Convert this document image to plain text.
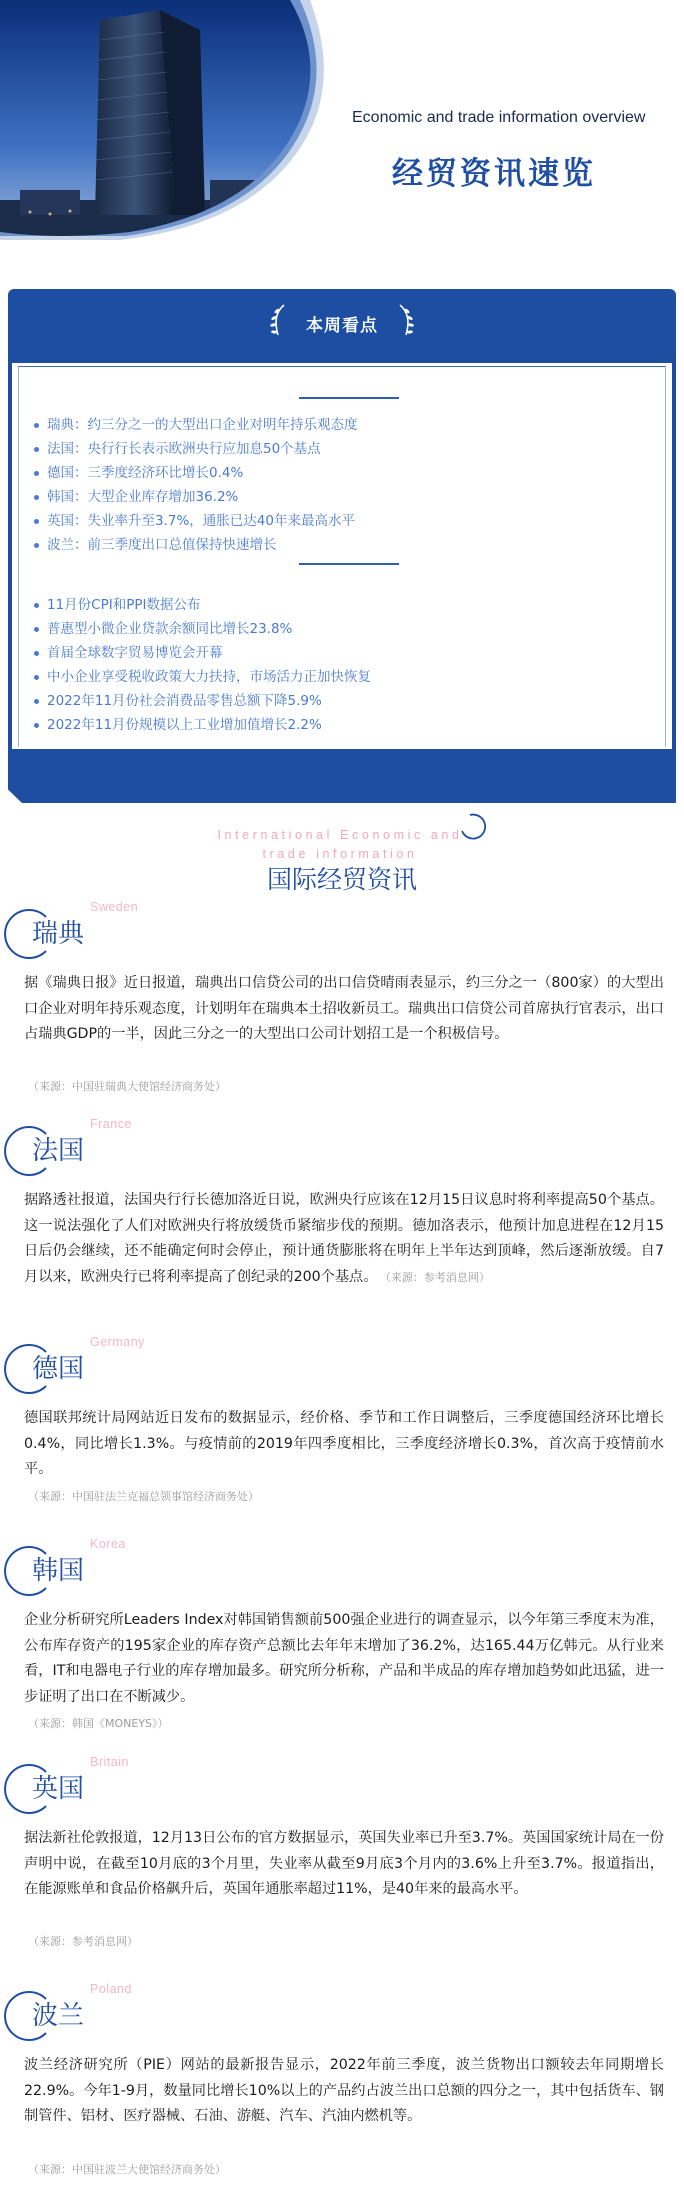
Economic and trade information overview
经贸资讯速览
本周看点
瑞典：约三分之一的大型出口企业对明年持乐观态度
法国：央行行长表示欧洲央行应加息50个基点
德国：三季度经济环比增长0.4%
韩国：大型企业库存增加36.2%
英国：失业率升至3.7%，通胀已达40年来最高水平
波兰：前三季度出口总值保持快速增长
11月份CPI和PPI数据公布
普惠型小微企业贷款余额同比增长23.8%
首届全球数字贸易博览会开幕
中小企业享受税收政策大力扶持，市场活力正加快恢复
2022年11月份社会消费品零售总额下降5.9%
2022年11月份规模以上工业增加值增长2.2%
International Economic and trade information
国际经贸资讯
瑞典
Sweden
据《瑞典日报》近日报道，瑞典出口信贷公司的出口信贷晴雨表显示，约三分之一（800家）的大型出口企业对明年持乐观态度，计划明年在瑞典本土招收新员工。瑞典出口信贷公司首席执行官表示，出口占瑞典GDP的一半，因此三分之一的大型出口公司计划招工是一个积极信号。
（来源：中国驻瑞典大使馆经济商务处）
法国
France
据路透社报道，法国央行行长德加洛近日说，欧洲央行应该在12月15日议息时将利率提高50个基点。这一说法强化了人们对欧洲央行将放缓货币紧缩步伐的预期。德加洛表示，他预计加息进程在12月15日后仍会继续，还不能确定何时会停止，预计通货膨胀将在明年上半年达到顶峰，然后逐渐放缓。自7月以来，欧洲央行已将利率提高了创纪录的200个基点。 （来源：参考消息网）
德国
Germany
德国联邦统计局网站近日发布的数据显示，经价格、季节和工作日调整后，三季度德国经济环比增长0.4%，同比增长1.3%。与疫情前的2019年四季度相比，三季度经济增长0.3%，首次高于疫情前水平。
（来源：中国驻法兰克福总领事馆经济商务处）
韩国
Korea
企业分析研究所Leaders Index对韩国销售额前500强企业进行的调查显示，以今年第三季度末为准，公布库存资产的195家企业的库存资产总额比去年年末增加了36.2%，达165.44万亿韩元。从行业来看，IT和电器电子行业的库存增加最多。研究所分析称，产品和半成品的库存增加趋势如此迅猛，进一步证明了出口在不断减少。
（来源：韩国《MONEYS》）
英国
Britain
据法新社伦敦报道，12月13日公布的官方数据显示，英国失业率已升至3.7%。英国国家统计局在一份声明中说，在截至10月底的3个月里，失业率从截至9月底3个月内的3.6%上升至3.7%。报道指出，在能源账单和食品价格飙升后，英国年通胀率超过11%，是40年来的最高水平。
（来源：参考消息网）
波兰
Poland
波兰经济研究所（PIE）网站的最新报告显示，2022年前三季度，波兰货物出口额较去年同期增长22.9%。今年1-9月，数量同比增长10%以上的产品约占波兰出口总额的四分之一，其中包括货车、钢制管件、铝材、医疗器械、石油、游艇、汽车、汽油内燃机等。
（来源：中国驻波兰大使馆经济商务处）
